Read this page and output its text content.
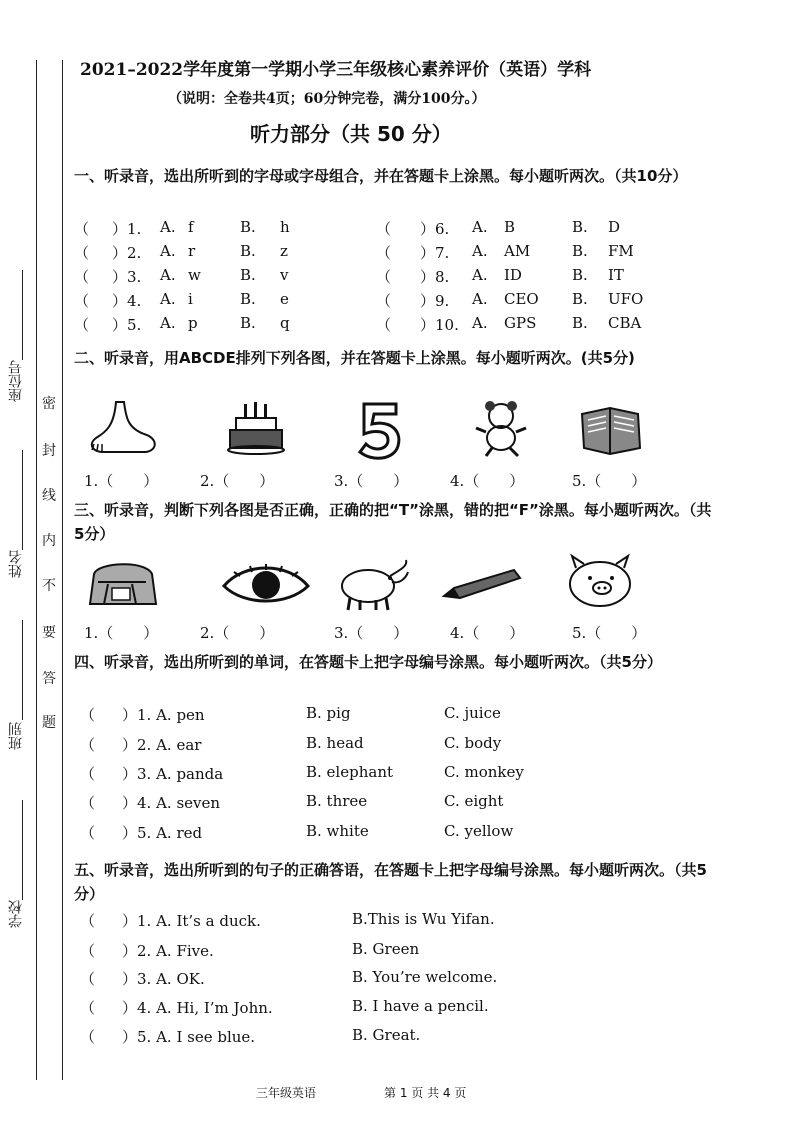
座位号
姓名
班别
学校
密
封
线
内
不
要
答
题
2021–2022学年度第一学期小学三年级核心素养评价（英语）学科
（说明：全卷共4页；60分钟完卷，满分100分。）
听力部分（共 50 分）
一、听录音，选出所听到的字母或字母组合，并在答题卡上涂黑。每小题听两次。（共10分）
（ ）1. A. f	B. h	（ ）6. A. B	B. D
（ ）2. A. r	B. z	（ ）7. A. AM	B. FM
（ ）3. A. w	B. v	（ ）8. A. ID	B. IT
（ ）4. A. i	B. e	（ ）9. A. CEO B. UFO
（ ）5. A. p	B. q	（ ）10. A. GPS B. CBA
二、听录音，用ABCDE排列下列各图，并在答题卡上涂黑。每小题听两次。(共5分)
1.（　　）	2.（　　）	3.（　　）	4.（　　）	5.（　　）
三、听录音，判断下列各图是否正确，正确的把“T”涂黑，错的把“F”涂黑。每小题听两次。（共5分）
1.（　　）	2.（　　）	3.（　　）	4.（　　）	5.（　　）
四、听录音，选出所听到的单词，在答题卡上把字母编号涂黑。每小题听两次。（共5分）
（ ）1. A. pen	B. pig	C. juice
（ ）2. A. ear	B. head	C. body
（ ）3. A. panda	B. elephant	C. monkey
（ ）4. A. seven	B. three	C. eight
（ ）5. A. red	B. white	C. yellow
五、听录音，选出所听到的句子的正确答语，在答题卡上把字母编号涂黑。每小题听两次。（共5分）
（ ）1. A. It’s a duck.	B.This is Wu Yifan.
（ ）2. A. Five.	B. Green
（ ）3. A. OK.	B. You’re welcome.
（ ）4. A. Hi, I’m John.	B. I have a pencil.
（ ）5. A. I see blue.	B. Great.
三年级英语	第 1 页 共 4 页
